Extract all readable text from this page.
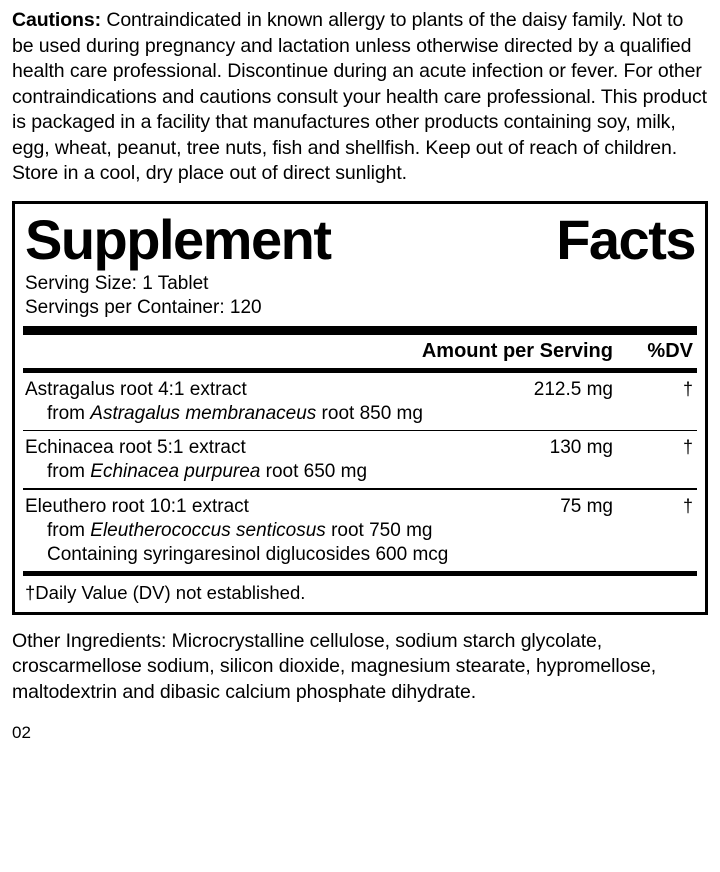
Cautions: Contraindicated in known allergy to plants of the daisy family. Not to be used during pregnancy and lactation unless otherwise directed by a qualified health care professional. Discontinue during an acute infection or fever. For other contraindications and cautions consult your health care professional. This product is packaged in a facility that manufactures other products containing soy, milk, egg, wheat, peanut, tree nuts, fish and shellfish. Keep out of reach of children. Store in a cool, dry place out of direct sunlight.

Supplement	Facts
Serving Size: 1 Tablet
Servings per Container: 120
Amount per Serving	%DV
Astragalus root 4:1 extract	212.5 mg	†
from Astragalus membranaceus root 850 mg
Echinacea root 5:1 extract	130 mg	†
from Echinacea purpurea root 650 mg
Eleuthero root 10:1 extract	75 mg	†
from Eleutherococcus senticosus root 750 mg
Containing syringaresinol diglucosides 600 mcg
†Daily Value (DV) not established.

Other Ingredients: Microcrystalline cellulose, sodium starch glycolate, croscarmellose sodium, silicon dioxide, magnesium stearate, hypromellose, maltodextrin and dibasic calcium phosphate dihydrate.

02
